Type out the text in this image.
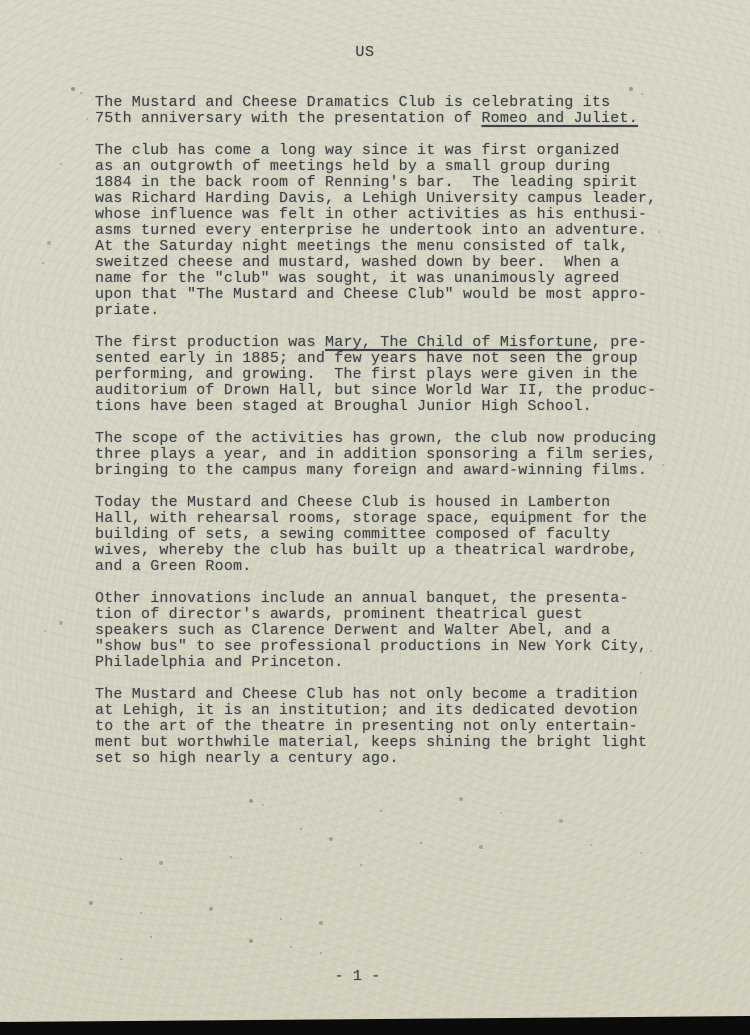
US
The Mustard and Cheese Dramatics Club is celebrating its
75th anniversary with the presentation of Romeo and Juliet.
The club has come a long way since it was first organized
as an outgrowth of meetings held by a small group during
1884 in the back room of Renning's bar.  The leading spirit
was Richard Harding Davis, a Lehigh University campus leader,
whose influence was felt in other activities as his enthusi-
asms turned every enterprise he undertook into an adventure.
At the Saturday night meetings the menu consisted of talk,
sweitzed cheese and mustard, washed down by beer.  When a
name for the "club" was sought, it was unanimously agreed
upon that "The Mustard and Cheese Club" would be most appro-
priate.
The first production was Mary, The Child of Misfortune, pre-
sented early in 1885; and few years have not seen the group
performing, and growing.  The first plays were given in the
auditorium of Drown Hall, but since World War II, the produc-
tions have been staged at Broughal Junior High School.
The scope of the activities has grown, the club now producing
three plays a year, and in addition sponsoring a film series,
bringing to the campus many foreign and award-winning films.
Today the Mustard and Cheese Club is housed in Lamberton
Hall, with rehearsal rooms, storage space, equipment for the
building of sets, a sewing committee composed of faculty
wives, whereby the club has built up a theatrical wardrobe,
and a Green Room.
Other innovations include an annual banquet, the presenta-
tion of director's awards, prominent theatrical guest
speakers such as Clarence Derwent and Walter Abel, and a
"show bus" to see professional productions in New York City,
Philadelphia and Princeton.
The Mustard and Cheese Club has not only become a tradition
at Lehigh, it is an institution; and its dedicated devotion
to the art of the theatre in presenting not only entertain-
ment but worthwhile material, keeps shining the bright light
set so high nearly a century ago.
- 1 -
